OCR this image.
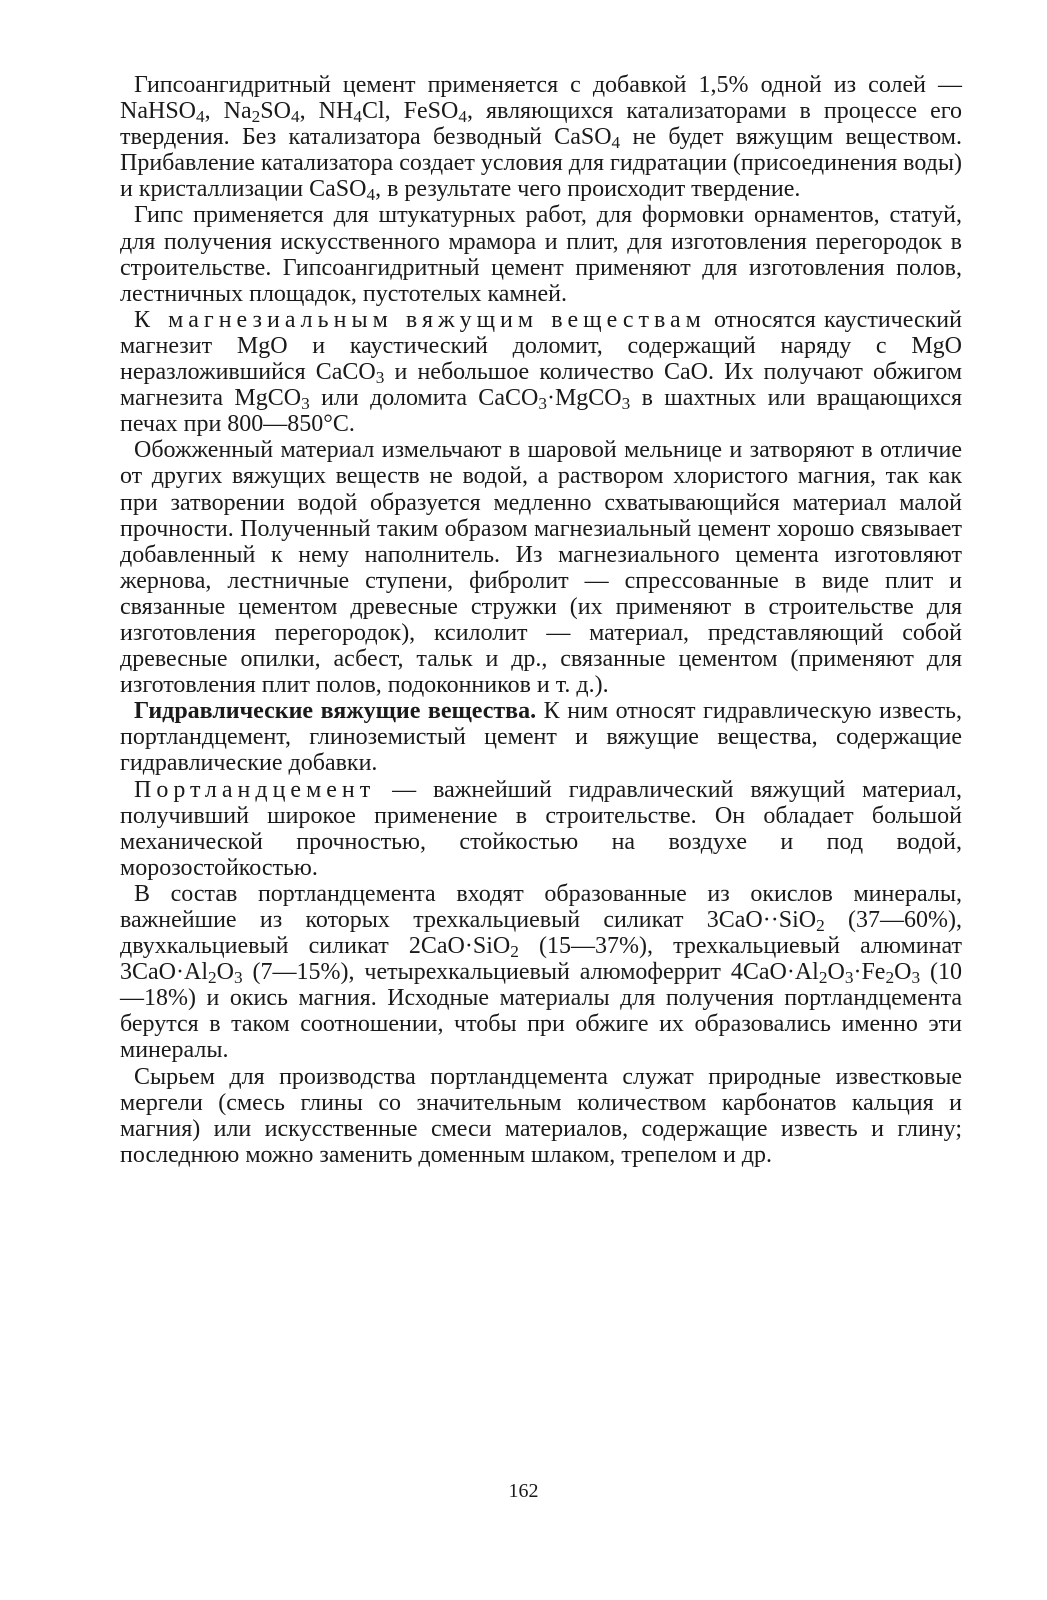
Гипсоангидритный цемент применяется с добавкой 1,5% одной из солей — NaHSO$_4$, $Na_2SO_4$, $NH_4Cl$, FeSO$_4$, являющихся катализаторами в процессе его твердения. Без катализатора безводный CaSO$_4$ не будет вяжущим веществом. Прибавление катализатора создает условия для гидратации (присоединения воды) и кристаллизации CaSO$_4$, в результате чего происходит твердение.

Гипс применяется для штукатурных работ, для формовки орнаментов, статуй, для получения искусственного мрамора и плит, для изготовления перегородок в строительстве. Гипсоангидритный цемент применяют для изготовления полов, лестничных площадок, пустотелых камней.

К магнезиальным вяжущим веществам относятся каустический магнезит MgO и каустический доломит, содержащий наряду с MgO неразложившийся CaCO$_3$ и небольшое количество CaO. Их получают обжигом магнезита MgCO$_3$ или доломита CaCO$_3$·MgCO$_3$ в шахтных или вращающихся печах при 800—850°С.

Обожженный материал измельчают в шаровой мельнице и затворяют в отличие от других вяжущих веществ не водой, а раствором хлористого магния, так как при затворении водой образуется медленно схватывающийся материал малой прочности. Полученный таким образом магнезиальный цемент хорошо связывает добавленный к нему наполнитель. Из магнезиального цемента изготовляют жернова, лестничные ступени, фибролит — спрессованные в виде плит и связанные цементом древесные стружки (их применяют в строительстве для изготовления перегородок), ксилолит — материал, представляющий собой древесные опилки, асбест, тальк и др., связанные цементом (применяют для изготовления плит полов, подоконников и т. д.).

Гидравлические вяжущие вещества. К ним относят гидравлическую известь, портландцемент, глиноземистый цемент и вяжущие вещества, содержащие гидравлические добавки.

Портландцемент — важнейший гидравлический вяжущий материал, получивший широкое применение в строительстве. Он обладает большой механической прочностью, стойкостью на воздухе и под водой, морозостойкостью.

В состав портландцемента входят образованные из окислов минералы, важнейшие из которых трехкальциевый силикат 3CaO··SiO$_2$ (37—60%), двухкальциевый силикат 2CaO·SiO$_2$ (15—37%), трехкальциевый алюминат $3CaO\cdot Al_2O_3$ (7—15%), четырехкальциевый алюмоферрит $4CaO\cdot Al_2O_3\cdot Fe_2O_3$ (10—18%) и окись магния. Исходные материалы для получения портландцемента берутся в таком соотношении, чтобы при обжиге их образовались именно эти минералы.

Сырьем для производства портландцемента служат природные известковые мергели (смесь глины со значительным количеством карбонатов кальция и магния) или искусственные смеси материалов, содержащие известь и глину; последнюю можно заменить доменным шлаком, трепелом и др.

162
